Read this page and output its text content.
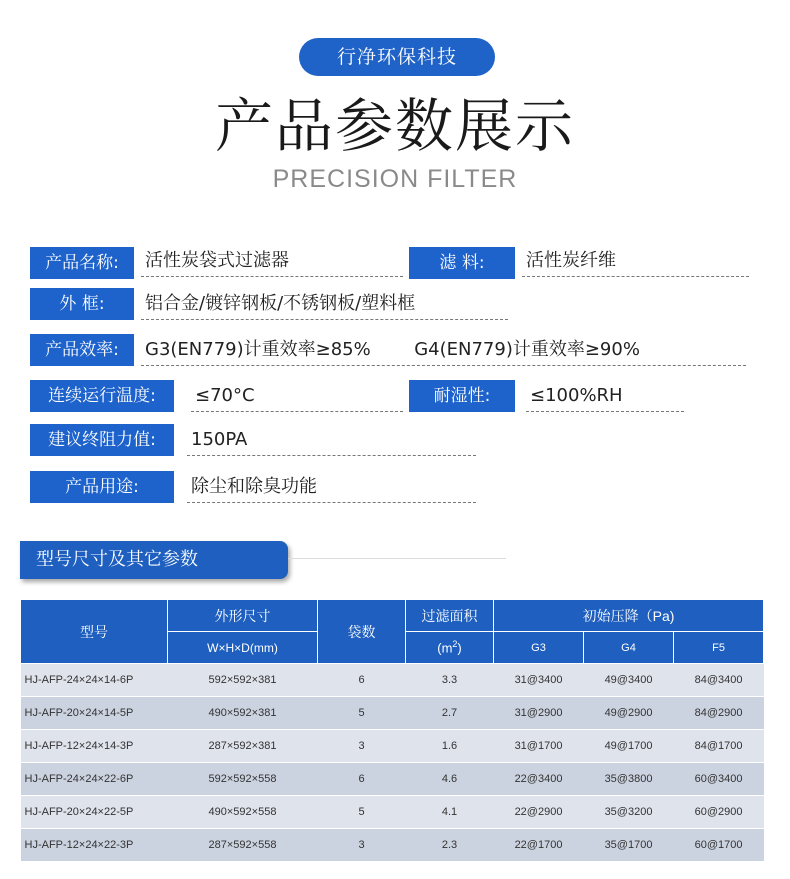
行净环保科技
产品参数展示
PRECISION FILTER
产品名称:	活性炭袋式过滤器	滤 料:	活性炭纤维
外 框:	铝合金/镀锌钢板/不锈钢板/塑料框
产品效率:	G3(EN779)计重效率≥85% G4(EN779)计重效率≥90%
连续运行温度:	≤70°C	耐湿性:	≤100%RH
建议终阻力值:	150PA
产品用途:	除尘和除臭功能
型号尺寸及其它参数
型号	外形尺寸	袋数	过滤面积	初始压降（Pa)		
	W×H×D(mm)		$(m^2)$	G3	G4	F5
HJ-AFP-24×24×14-6P	592×592×381	6	3.3	31@3400	49@3400	84@3400
HJ-AFP-20×24×14-5P	490×592×381	5	2.7	31@2900	49@2900	84@2900
HJ-AFP-12×24×14-3P	287×592×381	3	1.6	31@1700	49@1700	84@1700
HJ-AFP-24×24×22-6P	592×592×558	6	4.6	22@3400	35@3800	60@3400
HJ-AFP-20×24×22-5P	490×592×558	5	4.1	22@2900	35@3200	60@2900
HJ-AFP-12×24×22-3P	287×592×558	3	2.3	22@1700	35@1700	60@1700
